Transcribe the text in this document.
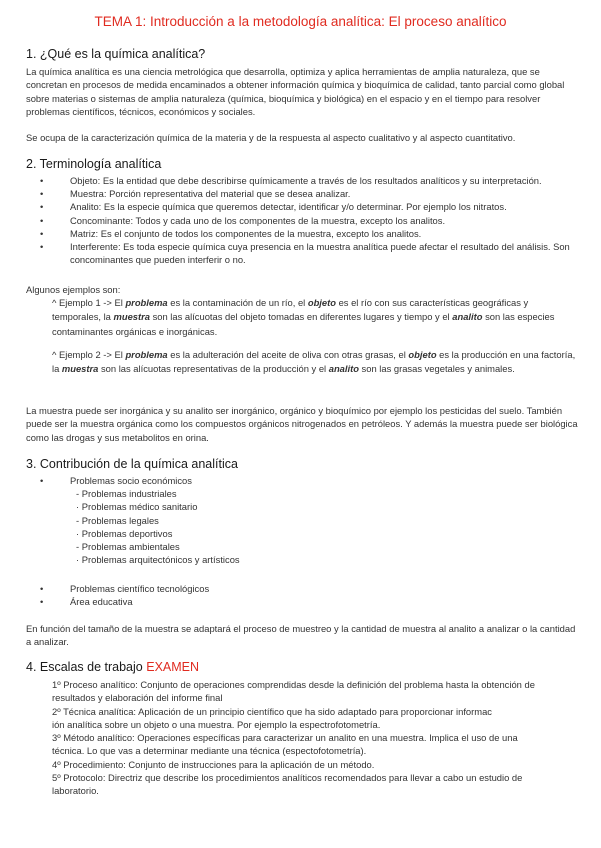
TEMA 1: Introducción a la metodología analítica: El proceso analítico
1. ¿Qué es la química analítica?
La química analítica es una ciencia metrológica que desarrolla, optimiza y aplica herramientas de amplia naturaleza, que se concretan en procesos de medida encaminados a obtener información química y bioquímica de calidad, tanto parcial como global sobre materias o sistemas de amplia naturaleza (química, bioquímica y biológica) en el espacio y en el tiempo para resolver problemas científicos, técnicos, económicos y sociales.
Se ocupa de la caracterización química de la materia y de la respuesta al aspecto cualitativo y al aspecto cuantitativo.
2. Terminología analítica
•	Objeto: Es la entidad que debe describirse químicamente a través de los resultados analíticos y su interpretación.
•	Muestra: Porción representativa del material que se desea analizar.
•	Analito: Es la especie química que queremos detectar, identificar y/o determinar. Por ejemplo los nitratos.
•	Concominante: Todos y cada uno de los componentes de la muestra, excepto los analitos.
•	Matriz: Es el conjunto de todos los componentes de la muestra, excepto los analitos.
•	Interferente: Es toda especie química cuya presencia en la muestra analítica puede afectar el resultado del análisis. Son concominantes que pueden interferir o no.
Algunos ejemplos son:
^ Ejemplo 1 -> El problema es la contaminación de un río, el objeto es el río con sus características geográficas y temporales, la muestra son las alícuotas del objeto tomadas en diferentes lugares y tiempo y el analito son las especies contaminantes orgánicas e inorgánicas.
^ Ejemplo 2 -> El problema es la adulteración del aceite de oliva con otras grasas, el objeto es la producción en una factoría, la muestra son las alícuotas representativas de la producción y el analito son las grasas vegetales y animales.
La muestra puede ser inorgánica y su analito ser inorgánico, orgánico y bioquímico por ejemplo los pesticidas del suelo. También puede ser la muestra orgánica como los compuestos orgánicos nitrogenados en petróleos. Y además la muestra puede ser biológica como las drogas y sus metabolitos en orina.
3. Contribución de la química analítica
•	Problemas socio económicos
- Problemas industriales
· Problemas médico sanitario
- Problemas legales
· Problemas deportivos
- Problemas ambientales
· Problemas arquitectónicos y artísticos
•	Problemas científico tecnológicos
•	Área educativa
En función del tamaño de la muestra se adaptará el proceso de muestreo y la cantidad de muestra al analito a analizar o la cantidad a analizar.
4. Escalas de trabajo EXAMEN
1º Proceso analítico: Conjunto de operaciones comprendidas desde la definición del problema hasta la obtención de
resultados y elaboración del informe final
2º Técnica analítica: Aplicación de un principio científico que ha sido adaptado para proporcionar informac
ión analítica sobre un objeto o una muestra. Por ejemplo la espectrofotometría.
3º Método analítico: Operaciones específicas para caracterizar un analito en una muestra. Implica el uso de una
técnica. Lo que vas a determinar mediante una técnica (espectofotometría).
4º Procedimiento: Conjunto de instrucciones para la aplicación de un método.
5º Protocolo: Directriz que describe los procedimientos analíticos recomendados para llevar a cabo un estudio de
laboratorio.
